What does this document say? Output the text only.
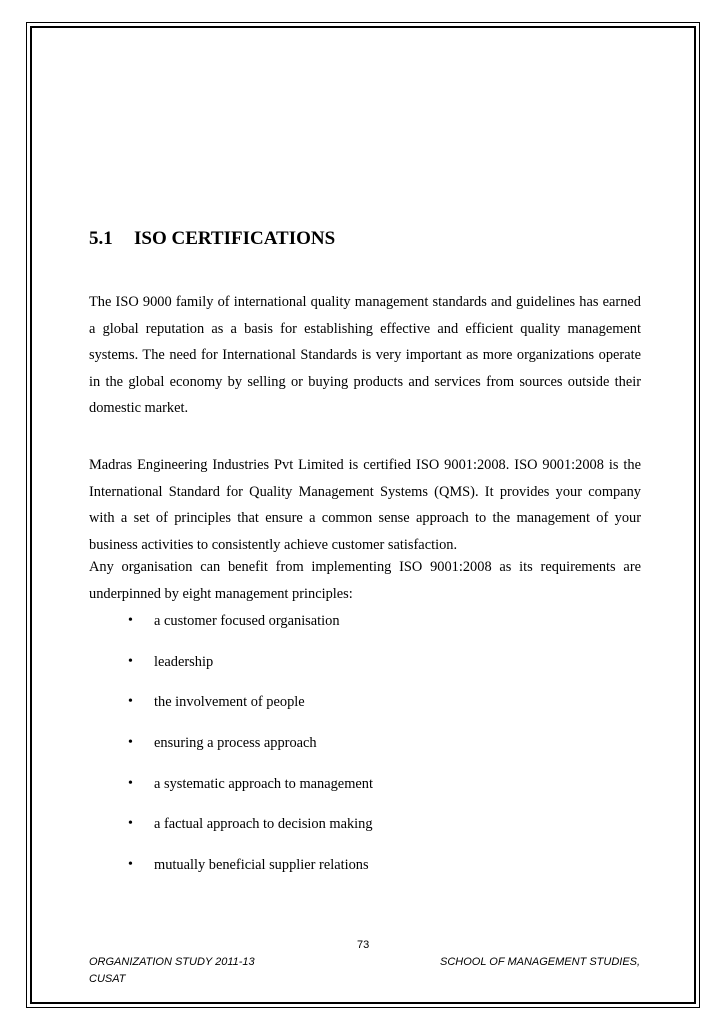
5.1 ISO CERTIFICATIONS

The ISO 9000 family of international quality management standards and guidelines has earned a global reputation as a basis for establishing effective and efficient quality management systems. The need for International Standards is very important as more organizations operate in the global economy by selling or buying products and services from sources outside their domestic market.

Madras Engineering Industries Pvt Limited is certified ISO 9001:2008. ISO 9001:2008 is the International Standard for Quality Management Systems (QMS). It provides your company with a set of principles that ensure a common sense approach to the management of your business activities to consistently achieve customer satisfaction.

Any organisation can benefit from implementing ISO 9001:2008 as its requirements are underpinned by eight management principles:

• a customer focused organisation
• leadership
• the involvement of people
• ensuring a process approach
• a systematic approach to management
• a factual approach to decision making
• mutually beneficial supplier relations
73
ORGANIZATION STUDY 2011-13	SCHOOL OF MANAGEMENT STUDIES,
CUSAT
